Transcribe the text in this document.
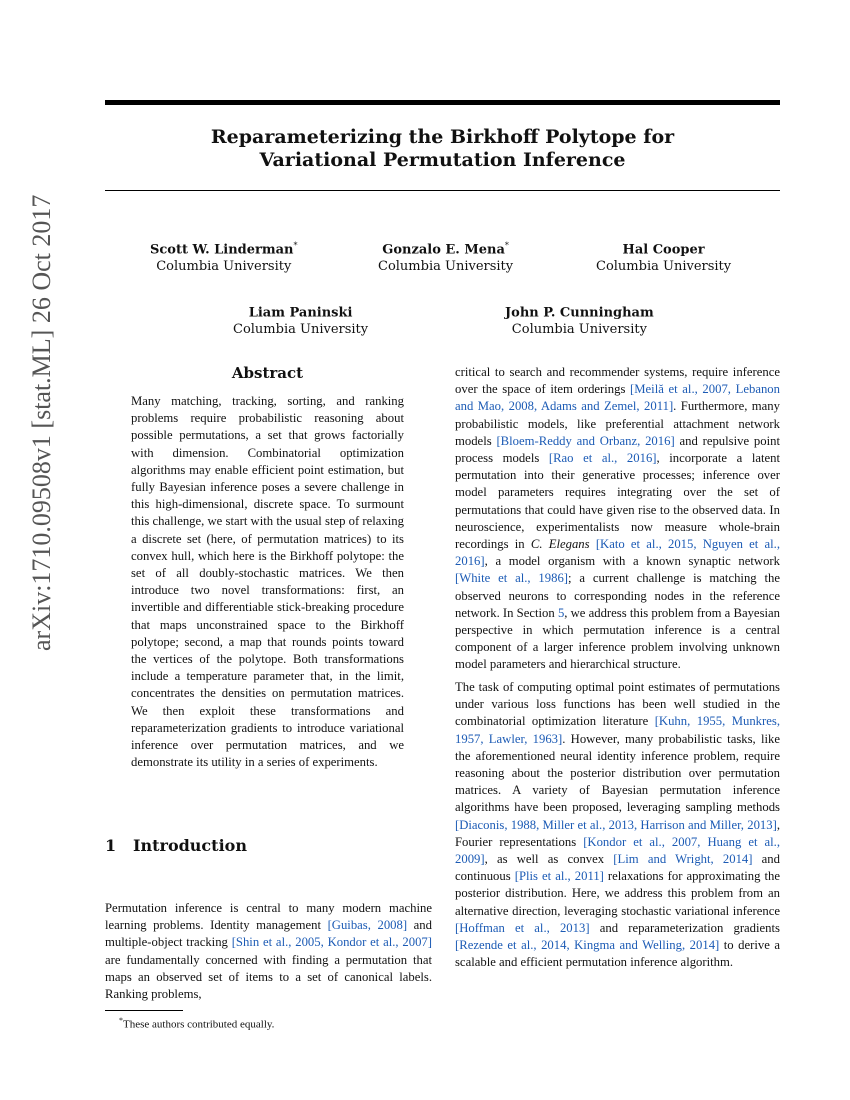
Reparameterizing the Birkhoff Polytope for
Variational Permutation Inference
Scott W. Linderman*
Columbia University
Gonzalo E. Mena*
Columbia University
Hal Cooper
Columbia University
Liam Paninski
Columbia University
John P. Cunningham
Columbia University
arXiv:1710.09508v1 [stat.ML] 26 Oct 2017	Abstract

Many matching, tracking, sorting, and ranking problems require probabilistic reasoning about possible permutations, a set that grows factorially with dimension. Combinatorial optimization algorithms may enable efficient point estimation, but fully Bayesian inference poses a severe challenge in this high-dimensional, discrete space. To surmount this challenge, we start with the usual step of relaxing a discrete set (here, of permutation matrices) to its convex hull, which here is the Birkhoff polytope: the set of all doubly-stochastic matrices. We then introduce two novel transformations: first, an invertible and differentiable stick-breaking procedure that maps unconstrained space to the Birkhoff polytope; second, a map that rounds points toward the vertices of the polytope. Both transformations include a temperature parameter that, in the limit, concentrates the densities on permutation matrices. We then exploit these transformations and reparameterization gradients to introduce variational inference over permutation matrices, and we demonstrate its utility in a series of experiments.

1 Introduction

Permutation inference is central to many modern machine learning problems. Identity management [Guibas, 2008] and multiple-object tracking [Shin et al., 2005, Kondor et al., 2007] are fundamentally concerned with finding a permutation that maps an observed set of items to a set of canonical labels. Ranking problems,

critical to search and recommender systems, require inference over the space of item orderings [Meilă et al., 2007, Lebanon and Mao, 2008, Adams and Zemel, 2011]. Furthermore, many probabilistic models, like preferential attachment network models [Bloem-Reddy and Orbanz, 2016] and repulsive point process models [Rao et al., 2016], incorporate a latent permutation into their generative processes; inference over model parameters requires integrating over the set of permutations that could have given rise to the observed data. In neuroscience, experimentalists now measure whole-brain recordings in C. Elegans [Kato et al., 2015, Nguyen et al., 2016], a model organism with a known synaptic network [White et al., 1986]; a current challenge is matching the observed neurons to corresponding nodes in the reference network. In Section 5, we address this problem from a Bayesian perspective in which permutation inference is a central component of a larger inference problem involving unknown model parameters and hierarchical structure.

The task of computing optimal point estimates of permutations under various loss functions has been well studied in the combinatorial optimization literature [Kuhn, 1955, Munkres, 1957, Lawler, 1963]. However, many probabilistic tasks, like the aforementioned neural identity inference problem, require reasoning about the posterior distribution over permutation matrices. A variety of Bayesian permutation inference algorithms have been proposed, leveraging sampling methods [Diaconis, 1988, Miller et al., 2013, Harrison and Miller, 2013], Fourier representations [Kondor et al., 2007, Huang et al., 2009], as well as convex [Lim and Wright, 2014] and continuous [Plis et al., 2011] relaxations for approximating the posterior distribution. Here, we address this problem from an alternative direction, leveraging stochastic variational inference [Hoffman et al., 2013] and reparameterization gradients [Rezende et al., 2014, Kingma and Welling, 2014] to derive a scalable and efficient permutation inference algorithm.

*These authors contributed equally.
